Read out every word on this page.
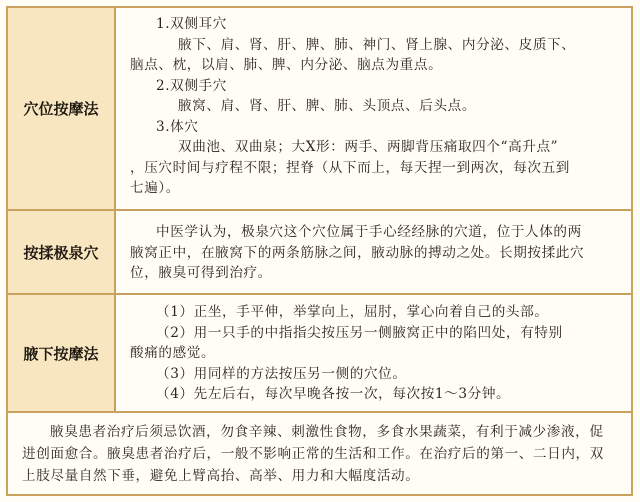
穴位按摩法

1.双侧耳穴

腋下、肩、肾、肝、脾、肺、神门、肾上腺、内分泌、皮质下、

脑点、枕，以肩、肺、脾、内分泌、脑点为重点。

2.双侧手穴

腋窝、肩、肾、肝、脾、肺、头顶点、后头点。

3.体穴

双曲池、双曲泉；大X形：两手、两脚背压痛取四个“高升点”

，压穴时间与疗程不限；捏脊（从下而上，每天捏一到两次，每次五到

七遍）。

按揉极泉穴

中医学认为，极泉穴这个穴位属于手心经经脉的穴道，位于人体的两

腋窝正中，在腋窝下的两条筋脉之间，腋动脉的搏动之处。长期按揉此穴

位，腋臭可得到治疗。

腋下按摩法

（1）正坐，手平伸，举掌向上，屈肘，掌心向着自己的头部。

（2）用一只手的中指指尖按压另一侧腋窝正中的陷凹处，有特别

酸痛的感觉。

（3）用同样的方法按压另一侧的穴位。

（4）先左后右，每次早晚各按一次，每次按1～3分钟。

腋臭患者治疗后须忌饮酒，勿食辛辣、刺激性食物，多食水果蔬菜，有利于减少渗液，促进创面愈合。腋臭患者治疗后，一般不影响正常的生活和工作。在治疗后的第一、二日内，双上肢尽量自然下垂，避免上臂高抬、高举、用力和大幅度活动。
